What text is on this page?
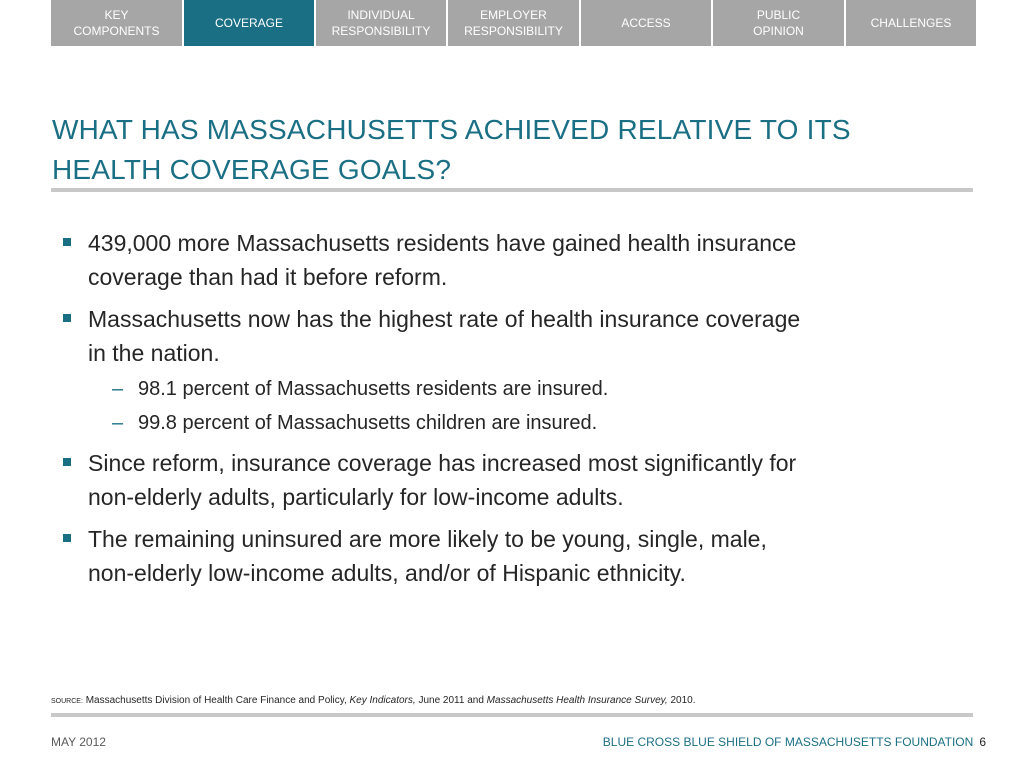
KEY
COMPONENTS
COVERAGE
INDIVIDUAL
RESPONSIBILITY
EMPLOYER
RESPONSIBILITY
ACCESS
PUBLIC
OPINION
CHALLENGES
WHAT HAS MASSACHUSETTS ACHIEVED RELATIVE TO ITS
HEALTH COVERAGE GOALS?
439,000 more Massachusetts residents have gained health insurance
coverage than had it before reform.
Massachusetts now has the highest rate of health insurance coverage
in the nation.
– 98.1 percent of Massachusetts residents are insured.
– 99.8 percent of Massachusetts children are insured.
Since reform, insurance coverage has increased most significantly for
non-elderly adults, particularly for low-income adults.
The remaining uninsured are more likely to be young, single, male,
non-elderly low-income adults, and/or of Hispanic ethnicity.
SOURCE: Massachusetts Division of Health Care Finance and Policy, Key Indicators, June 2011 and Massachusetts Health Insurance Survey, 2010.
MAY 2012	BLUE CROSS BLUE SHIELD OF MASSACHUSETTS FOUNDATION 6
